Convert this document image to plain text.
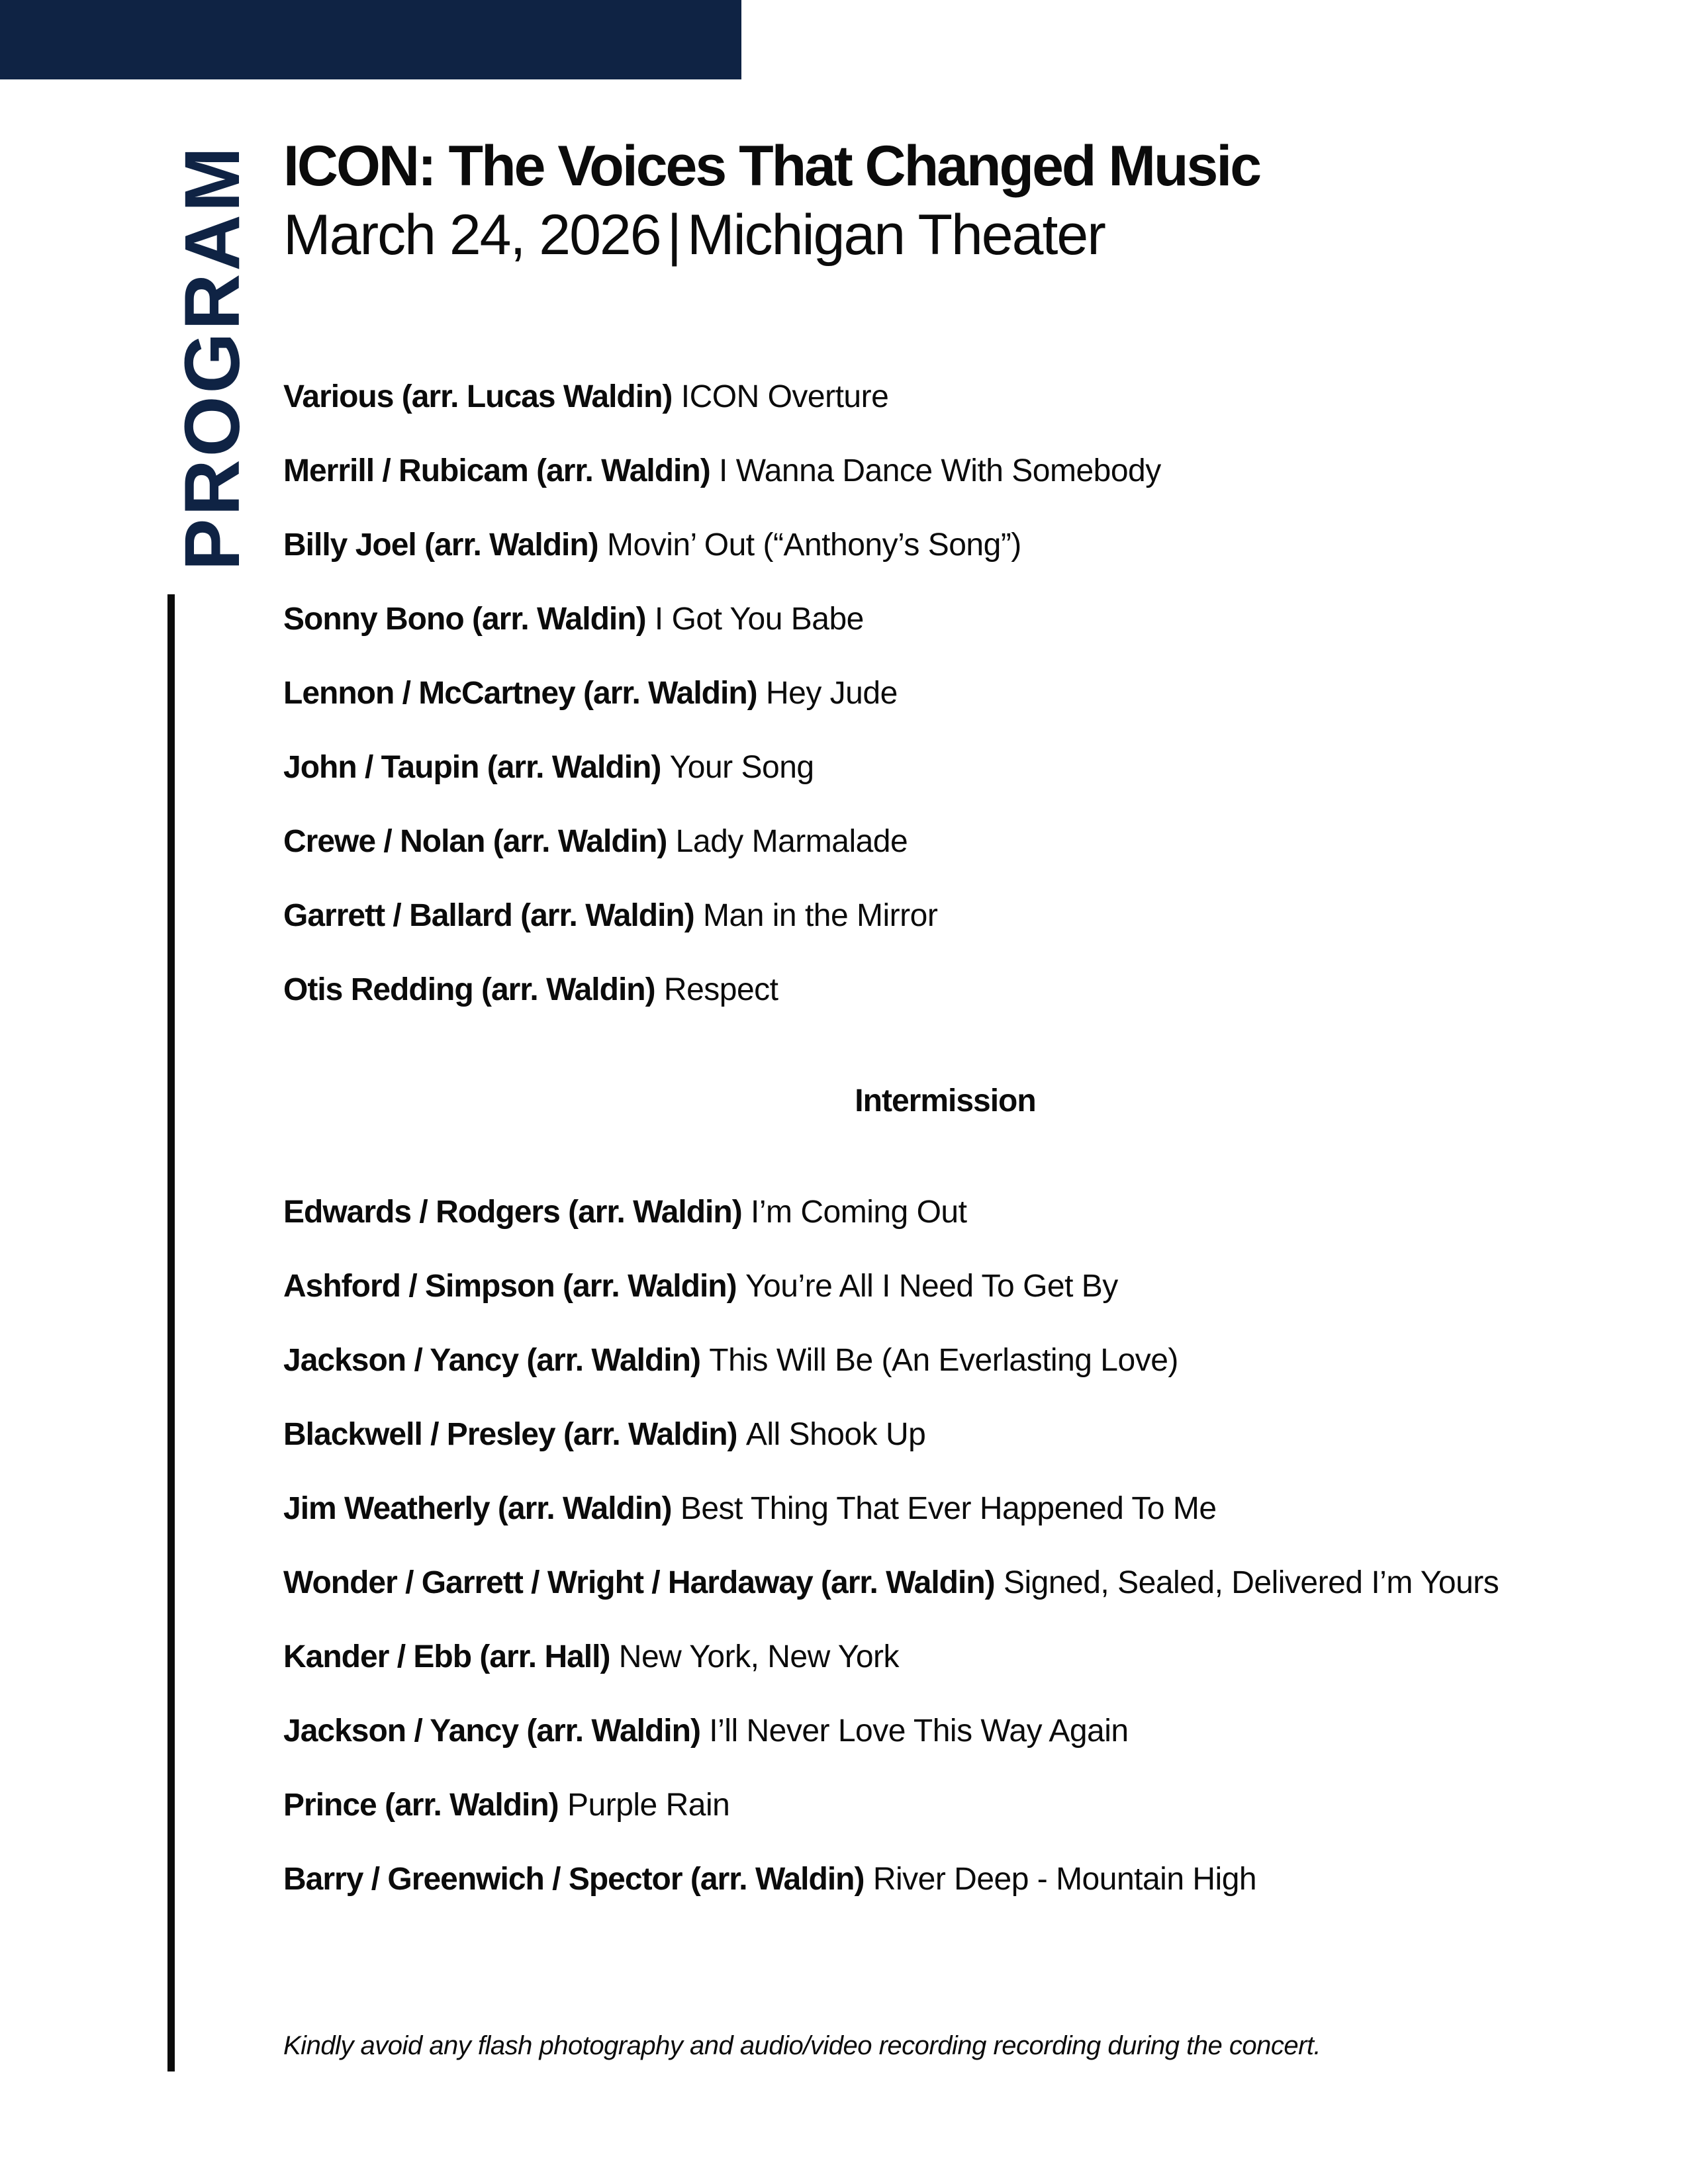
PROGRAM ICON: The Voices That Changed Music
March 24, 2026 | Michigan Theater
Various (arr. Lucas Waldin) ICON Overture
Merrill / Rubicam (arr. Waldin) I Wanna Dance With Somebody
Billy Joel (arr. Waldin) Movin’ Out (“Anthony’s Song”)
Sonny Bono (arr. Waldin) I Got You Babe
Lennon / McCartney (arr. Waldin) Hey Jude
John / Taupin (arr. Waldin) Your Song
Crewe / Nolan (arr. Waldin) Lady Marmalade
Garrett / Ballard (arr. Waldin) Man in the Mirror
Otis Redding (arr. Waldin) Respect
Intermission
Edwards / Rodgers (arr. Waldin) I’m Coming Out
Ashford / Simpson (arr. Waldin) You’re All I Need To Get By
Jackson / Yancy (arr. Waldin) This Will Be (An Everlasting Love)
Blackwell / Presley (arr. Waldin) All Shook Up
Jim Weatherly (arr. Waldin) Best Thing That Ever Happened To Me
Wonder / Garrett / Wright / Hardaway (arr. Waldin) Signed, Sealed, Delivered I’m Yours
Kander / Ebb (arr. Hall) New York, New York
Jackson / Yancy (arr. Waldin) I’ll Never Love This Way Again
Prince (arr. Waldin) Purple Rain
Barry / Greenwich / Spector (arr. Waldin) River Deep - Mountain High
Kindly avoid any flash photography and audio/video recording recording during the concert.
